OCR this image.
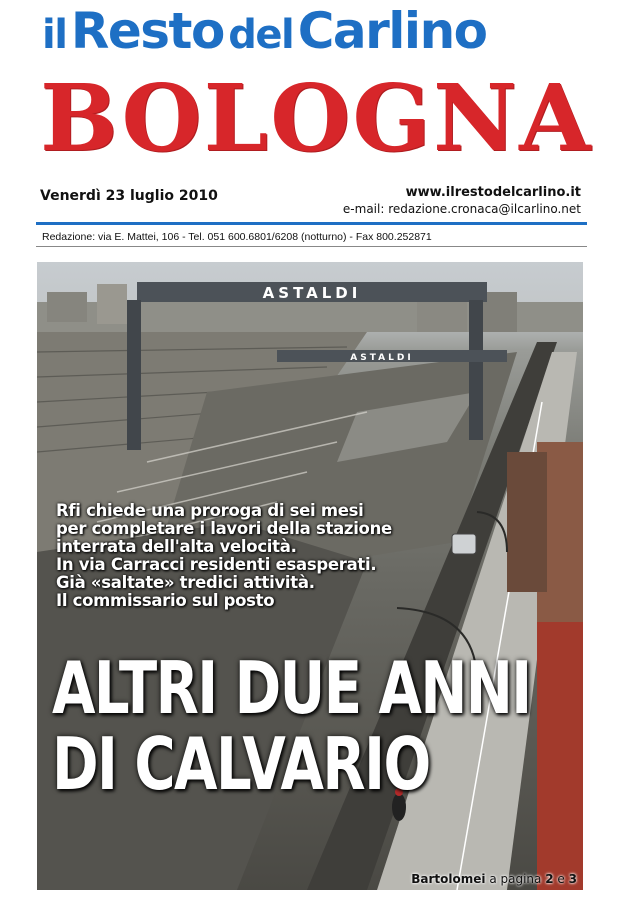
il Resto del Carlino
BOLOGNA
Venerdì 23 luglio 2010	www.ilrestodelcarlino.it
e-mail: redazione.cronaca@ilcarlino.net
Redazione: via E. Mattei, 106 - Tel. 051 600.6801/6208 (notturno) - Fax 800.252871
ASTALDI
ASTALDI
Rfi chiede una proroga di sei mesi
per completare i lavori della stazione
interrata dell'alta velocità.
In via Carracci residenti esasperati.
Già «saltate» tredici attività.
Il commissario sul posto
ALTRI DUE ANNI
DI CALVARIO
Bartolomei a pagina 2 e 3
